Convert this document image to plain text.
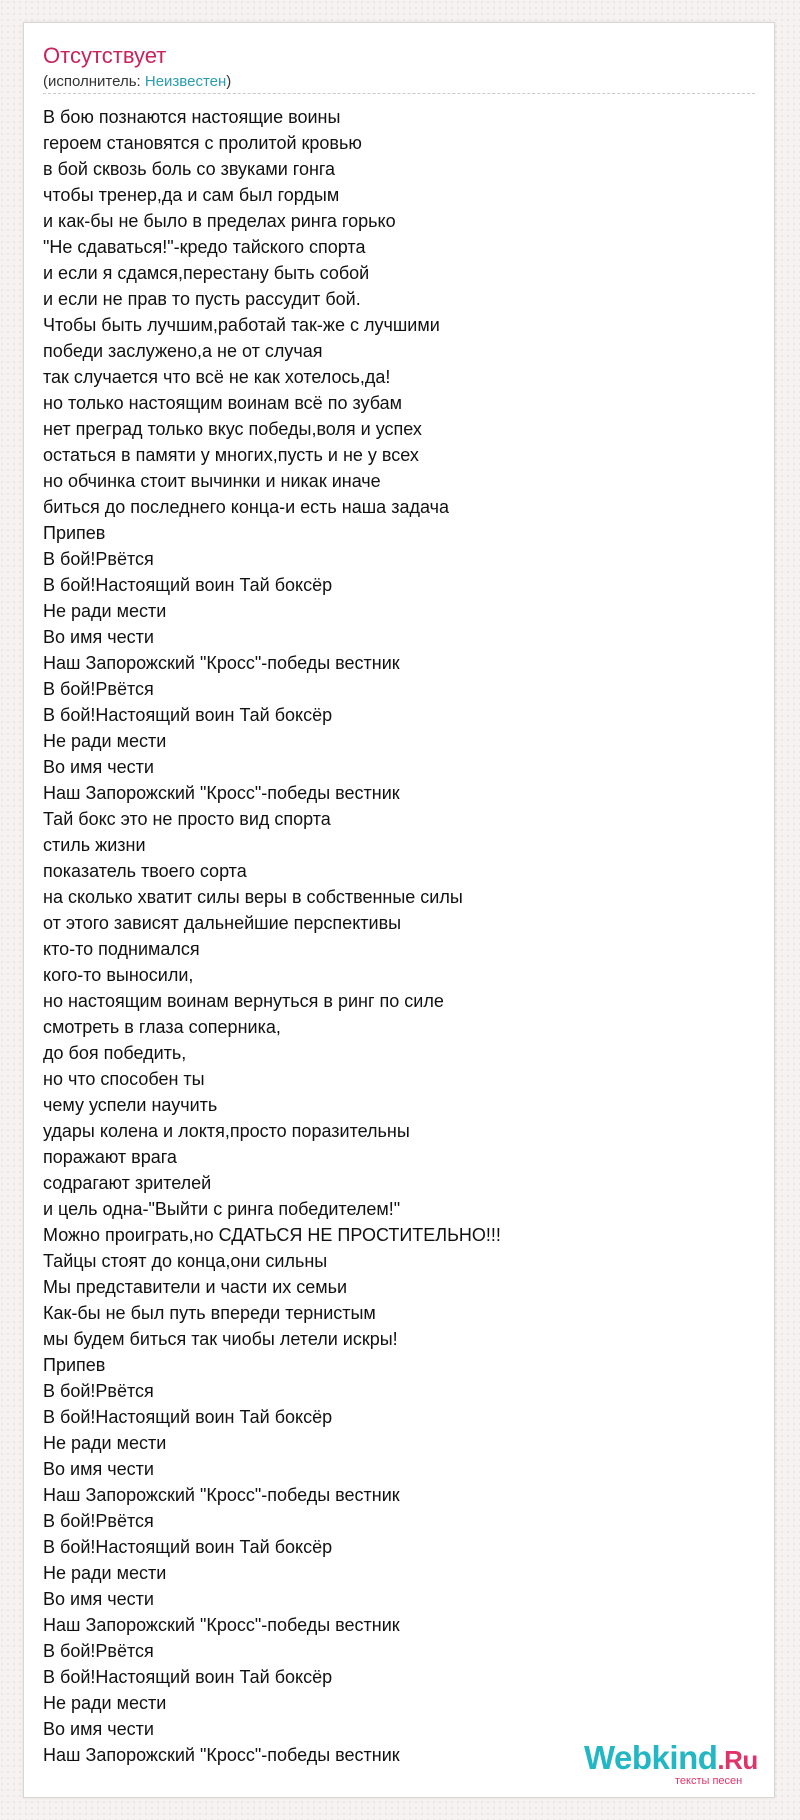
Отсутствует
(исполнитель: Неизвестен)
В бою познаются настоящие воины
героем становятся с пролитой кровью
в бой сквозь боль со звуками гонга
чтобы тренер,да и сам был гордым
и как-бы не было в пределах ринга горько
"Не сдаваться!"-кредо тайского спорта
и если я сдамся,перестану быть собой
и если не прав то пусть рассудит бой.
Чтобы быть лучшим,работай так-же с лучшими
победи заслужено,а не от случая
так случается что всё не как хотелось,да!
но только настоящим воинам всё по зубам
нет преград только вкус победы,воля и успех
остаться в памяти у многих,пусть и не у всех
но обчинка стоит вычинки и никак иначе
биться до последнего конца-и есть наша задача
Припев
В бой!Рвётся
В бой!Настоящий воин Тай боксёр
Не ради мести
Во имя чести
Наш Запорожский "Кросс"-победы вестник
В бой!Рвётся
В бой!Настоящий воин Тай боксёр
Не ради мести
Во имя чести
Наш Запорожский "Кросс"-победы вестник
Тай бокс это не просто вид спорта
стиль жизни
показатель твоего сорта
на сколько хватит силы веры в собственные силы
от этого зависят дальнейшие перспективы
кто-то поднимался
кого-то выносили,
но настоящим воинам вернуться в ринг по силе
смотреть в глаза соперника,
до боя победить,
но что способен ты
чему успели научить
удары колена и локтя,просто поразительны
поражают врага
содрагают зрителей
и цель одна-"Выйти с ринга победителем!"
Можно проиграть,но СДАТЬСЯ НЕ ПРОСТИТЕЛЬНО!!!
Тайцы стоят до конца,они сильны
Мы представители и части их семьи
Как-бы не был путь впереди тернистым
мы будем биться так чиобы летели искры!
Припев
В бой!Рвётся
В бой!Настоящий воин Тай боксёр
Не ради мести
Во имя чести
Наш Запорожский "Кросс"-победы вестник
В бой!Рвётся
В бой!Настоящий воин Тай боксёр
Не ради мести
Во имя чести
Наш Запорожский "Кросс"-победы вестник
В бой!Рвётся
В бой!Настоящий воин Тай боксёр
Не ради мести
Во имя чести
Наш Запорожский "Кросс"-победы вестник	Webkind.Ru
тексты песен
